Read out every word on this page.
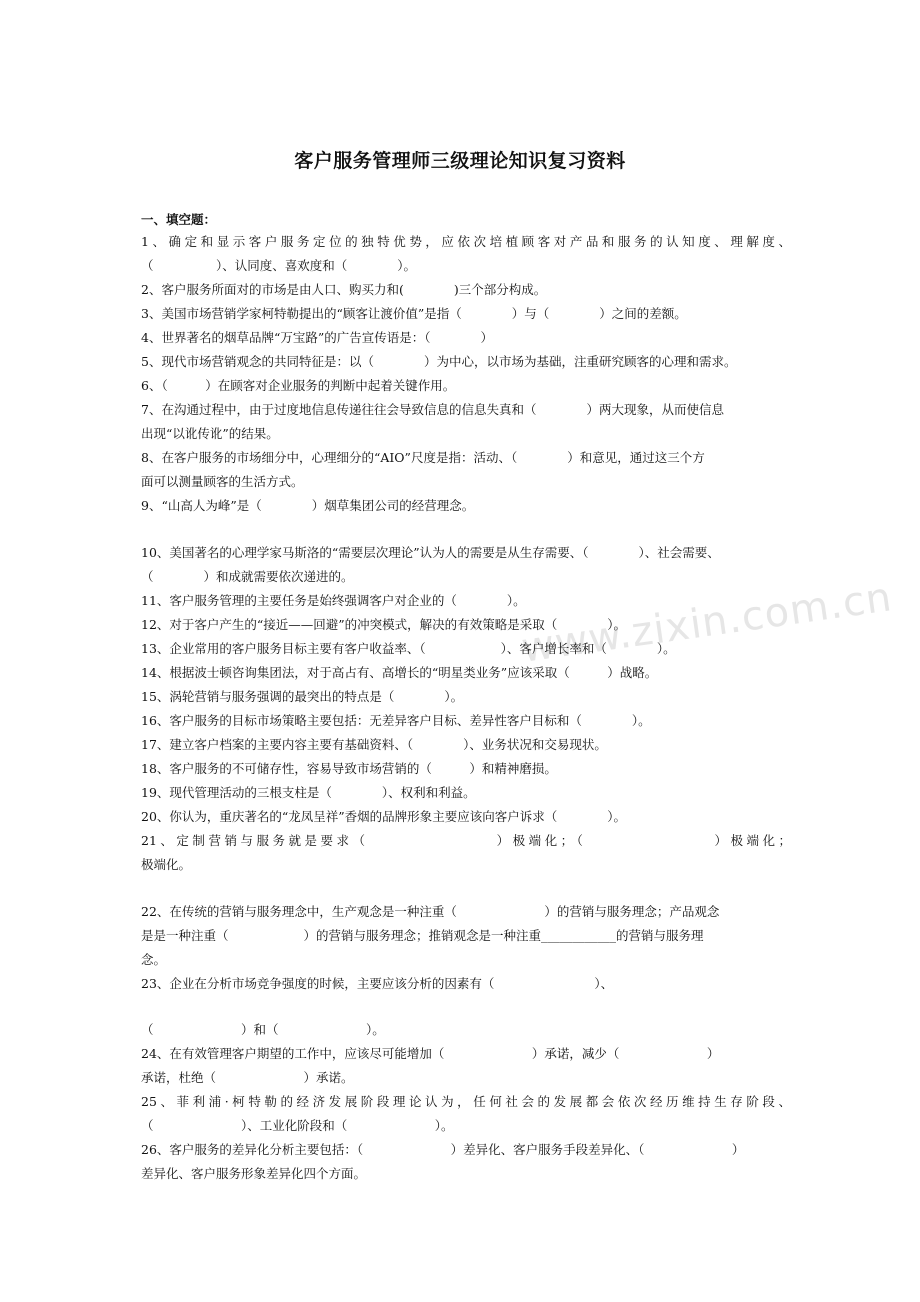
www.zixin.com.cn
客户服务管理师三级理论知识复习资料
一、填空题：
1、确定和显示客户服务定位的独特优势，应依次培植顾客对产品和服务的认知度、理解度、
（　　　　　）、认同度、喜欢度和（　　　　）。
2、客户服务所面对的市场是由人口、购买力和(　　　　)三个部分构成。
3、美国市场营销学家柯特勒提出的“顾客让渡价值”是指（　　　　）与（　　　　）之间的差额。
4、世界著名的烟草品牌“万宝路”的广告宣传语是：（　　　　）
5、现代市场营销观念的共同特征是：以（　　　　）为中心，以市场为基础，注重研究顾客的心理和需求。
6、（　　　）在顾客对企业服务的判断中起着关键作用。
7、在沟通过程中，由于过度地信息传递往往会导致信息的信息失真和（　　　　）两大现象，从而使信息
出现“以讹传讹”的结果。
8、在客户服务的市场细分中，心理细分的“AIO”尺度是指：活动、（　　　　）和意见，通过这三个方
面可以测量顾客的生活方式。
9、“山高人为峰”是（　　　　）烟草集团公司的经营理念。
10、美国著名的心理学家马斯洛的“需要层次理论”认为人的需要是从生存需要、（　　　　）、社会需要、
（　　　　）和成就需要依次递进的。
11、客户服务管理的主要任务是始终强调客户对企业的（　　　　）。
12、对于客户产生的“接近——回避”的冲突模式，解决的有效策略是采取（　　　　）。
13、企业常用的客户服务目标主要有客户收益率、（　　　　　　）、客户增长率和（　　　　）。
14、根据波士顿咨询集团法，对于高占有、高增长的“明星类业务”应该采取（　　　）战略。
15、涡轮营销与服务强调的最突出的特点是（　　　　）。
16、客户服务的目标市场策略主要包括：无差异客户目标、差异性客户目标和（　　　　）。
17、建立客户档案的主要内容主要有基础资料、（　　　　）、业务状况和交易现状。
18、客户服务的不可储存性，容易导致市场营销的（　　　）和精神磨损。
19、现代管理活动的三根支柱是（　　　　）、权利和利益。
20、你认为，重庆著名的“龙凤呈祥”香烟的品牌形象主要应该向客户诉求（　　　　）。
21、定制营销与服务就是要求（　　　　　　　　）极端化；（　　　　　　　　）极端化；
极端化。
22、在传统的营销与服务理念中，生产观念是一种注重（　　　　　　　）的营销与服务理念；产品观念
是是一种注重（　　　　　　）的营销与服务理念；推销观念是一种注重____________的营销与服务理
念。
23、企业在分析市场竞争强度的时候，主要应该分析的因素有（　　　　　　　　）、
（　　　　　　　）和（　　　　　　　）。
24、在有效管理客户期望的工作中，应该尽可能增加（　　　　　　　）承诺，减少（　　　　　　　）
承诺，杜绝（　　　　　　　）承诺。
25、菲利浦·柯特勒的经济发展阶段理论认为，任何社会的发展都会依次经历维持生存阶段、
（　　　　　　　）、工业化阶段和（　　　　　　　）。
26、客户服务的差异化分析主要包括：（　　　　　　　）差异化、客户服务手段差异化、（　　　　　　　）
差异化、客户服务形象差异化四个方面。
